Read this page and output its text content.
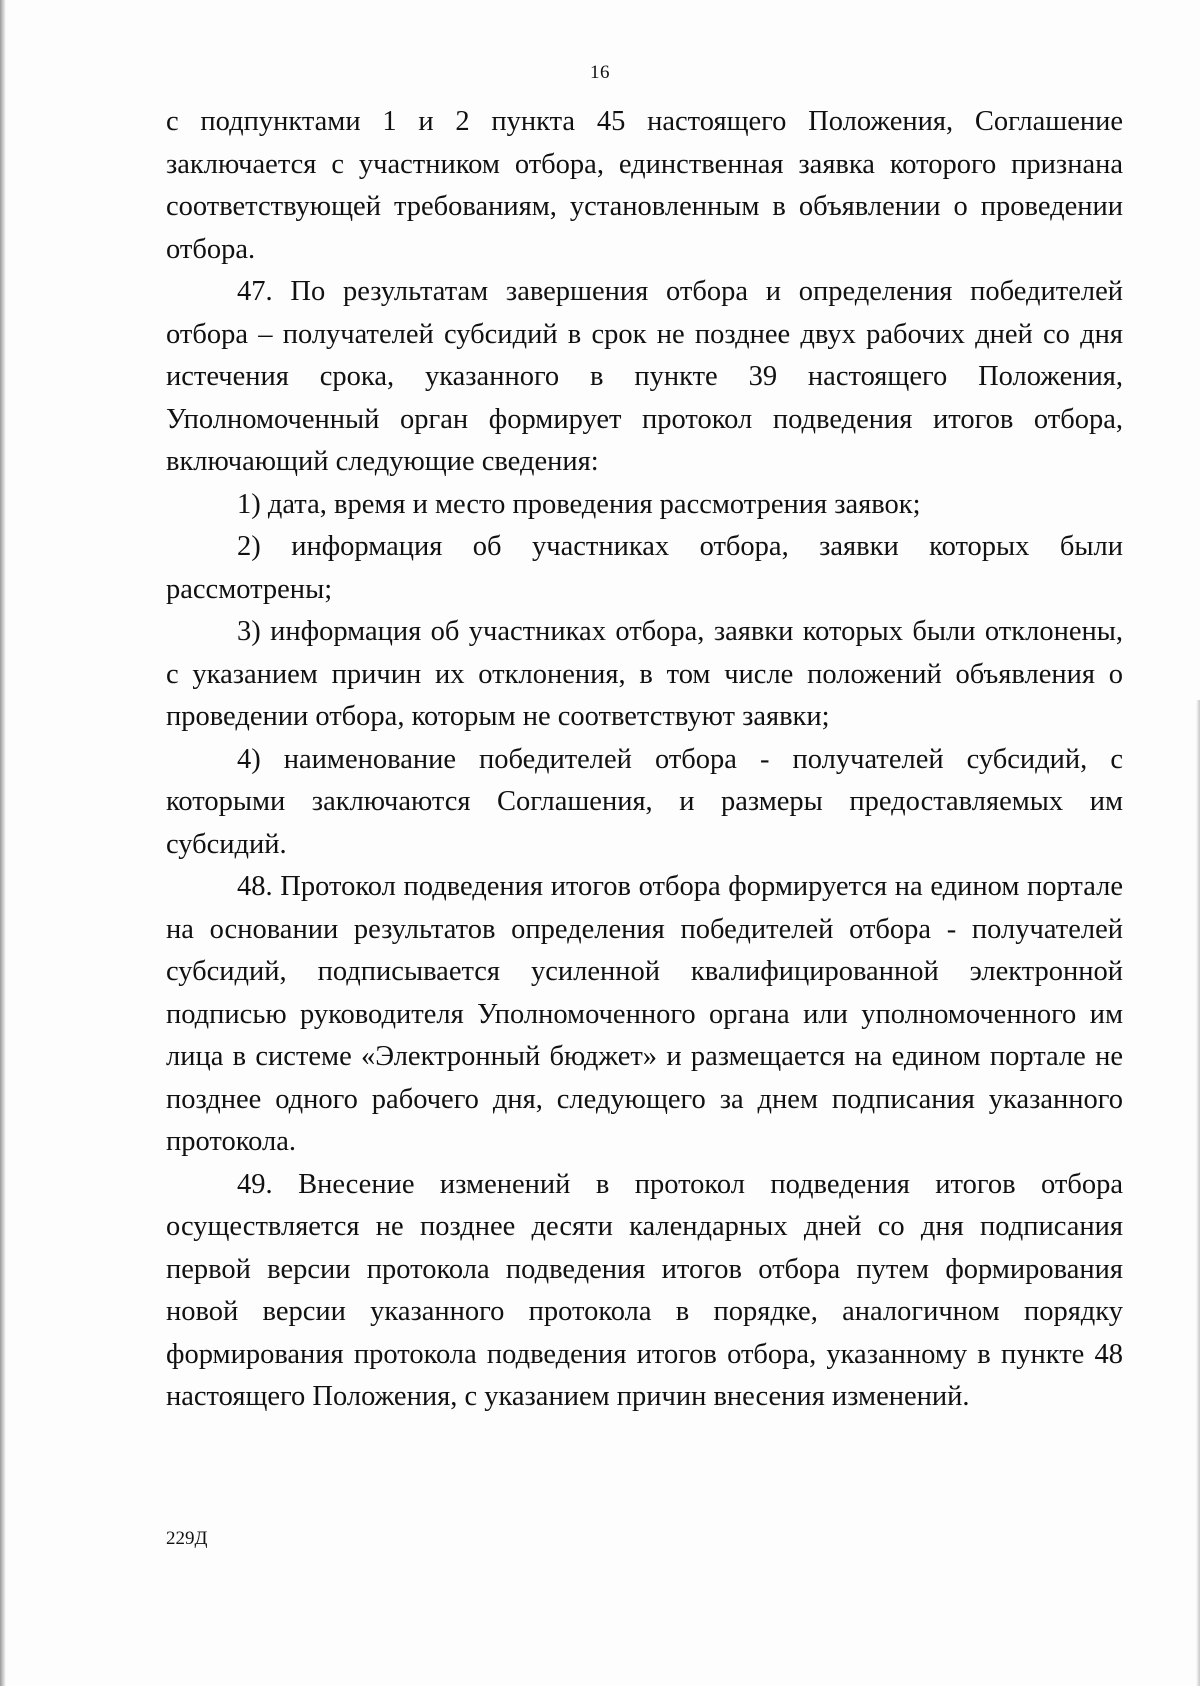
16

с подпунктами 1 и 2 пункта 45 настоящего Положения, Соглашение заключается с участником отбора, единственная заявка которого признана соответствующей требованиям, установленным в объявлении о проведении отбора.

47. По результатам завершения отбора и определения победителей отбора – получателей субсидий в срок не позднее двух рабочих дней со дня истечения срока, указанного в пункте 39 настоящего Положения, Уполномоченный орган формирует протокол подведения итогов отбора, включающий следующие сведения:

1) дата, время и место проведения рассмотрения заявок;

2) информация об участниках отбора, заявки которых были рассмотрены;

3) информация об участниках отбора, заявки которых были отклонены, с указанием причин их отклонения, в том числе положений объявления о проведении отбора, которым не соответствуют заявки;

4) наименование победителей отбора - получателей субсидий, с которыми заключаются Соглашения, и размеры предоставляемых им субсидий.

48. Протокол подведения итогов отбора формируется на едином портале на основании результатов определения победителей отбора - получателей субсидий, подписывается усиленной квалифицированной электронной подписью руководителя Уполномоченного органа или уполномоченного им лица в системе «Электронный бюджет» и размещается на едином портале не позднее одного рабочего дня, следующего за днем подписания указанного протокола.

49. Внесение изменений в протокол подведения итогов отбора осуществляется не позднее десяти календарных дней со дня подписания первой версии протокола подведения итогов отбора путем формирования новой версии указанного протокола в порядке, аналогичном порядку формирования протокола подведения итогов отбора, указанному в пункте 48 настоящего Положения, с указанием причин внесения изменений.

229Д
